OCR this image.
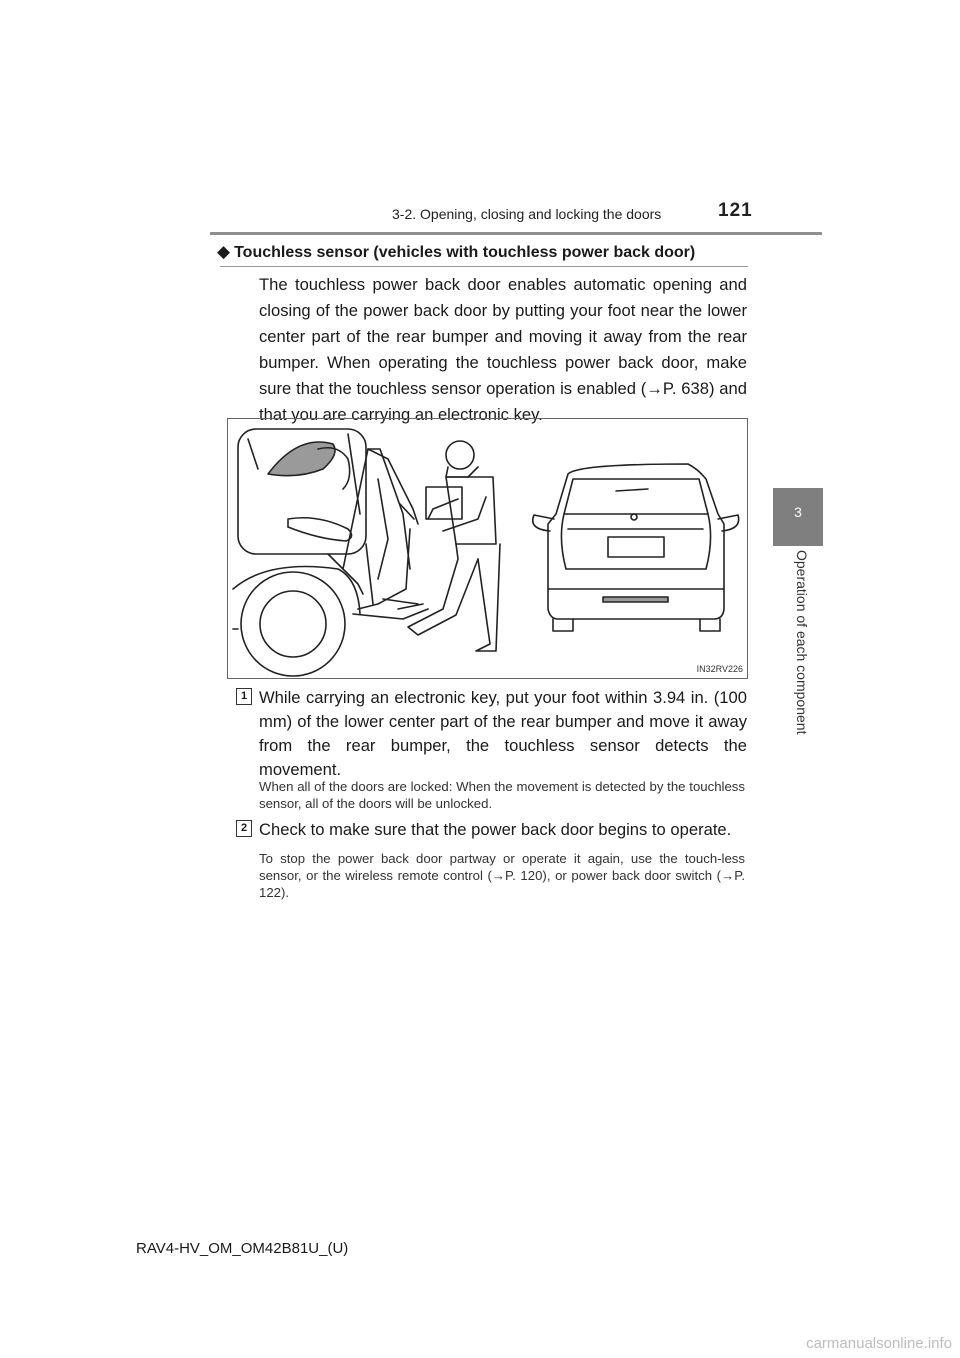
3-2. Opening, closing and locking the doors	121
3
Operation of each component
◆ Touchless sensor (vehicles with touchless power back door)

The touchless power back door enables automatic opening and closing of the power back door by putting your foot near the lower center part of the rear bumper and moving it away from the rear bumper. When operating the touchless power back door, make sure that the touchless sensor operation is enabled (→P. 638) and that you are carrying an electronic key.

IN32RV226
1 While carrying an electronic key, put your foot within 3.94 in. (100 mm) of the lower center part of the rear bumper and move it away from the rear bumper, the touchless sensor detects the movement.

When all of the doors are locked: When the movement is detected by the touchless sensor, all of the doors will be unlocked.

2 Check to make sure that the power back door begins to operate.

To stop the power back door partway or operate it again, use the touch-less sensor, or the wireless remote control (→P. 120), or power back door switch (→P. 122).

RAV4-HV_OM_OM42B81U_(U)
carmanualsonline.info
